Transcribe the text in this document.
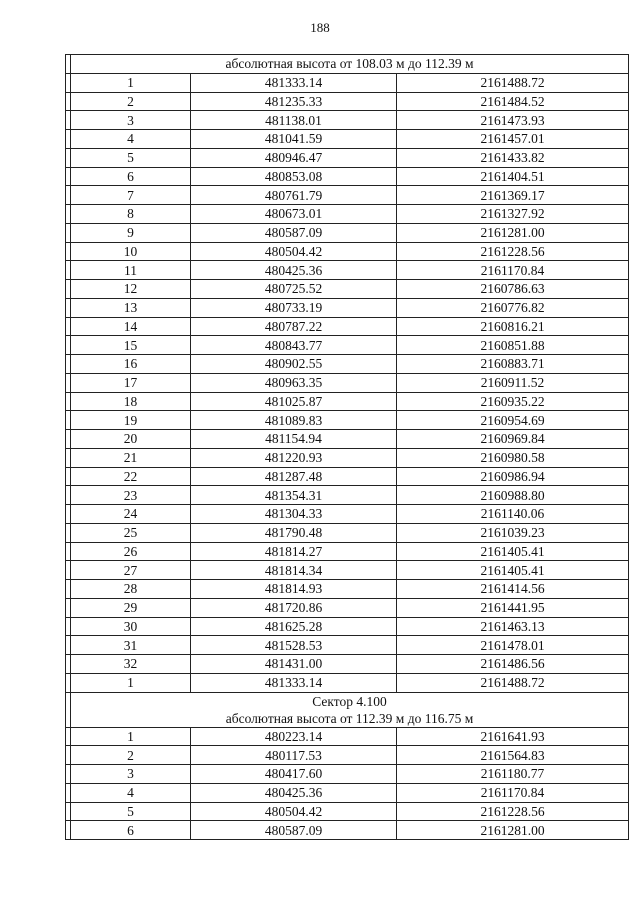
188

	абсолютная высота от 108.03 м до 112.39 м		

	1	481333.14	2161488.72
	2	481235.33	2161484.52
	3	481138.01	2161473.93
	4	481041.59	2161457.01
	5	480946.47	2161433.82
	6	480853.08	2161404.51
	7	480761.79	2161369.17
	8	480673.01	2161327.92
	9	480587.09	2161281.00
	10	480504.42	2161228.56
	11	480425.36	2161170.84
	12	480725.52	2160786.63
	13	480733.19	2160776.82
	14	480787.22	2160816.21
	15	480843.77	2160851.88
	16	480902.55	2160883.71
	17	480963.35	2160911.52
	18	481025.87	2160935.22
	19	481089.83	2160954.69
	20	481154.94	2160969.84
	21	481220.93	2160980.58
	22	481287.48	2160986.94
	23	481354.31	2160988.80
	24	481304.33	2161140.06
	25	481790.48	2161039.23
	26	481814.27	2161405.41
	27	481814.34	2161405.41
	28	481814.93	2161414.56
	29	481720.86	2161441.95
	30	481625.28	2161463.13
	31	481528.53	2161478.01
	32	481431.00	2161486.56
	1	481333.14	2161488.72

	Сектор 4.100
абсолютная высота от 112.39 м до 116.75 м		

	1	480223.14	2161641.93
	2	480117.53	2161564.83
	3	480417.60	2161180.77
	4	480425.36	2161170.84
	5	480504.42	2161228.56
	6	480587.09	2161281.00
